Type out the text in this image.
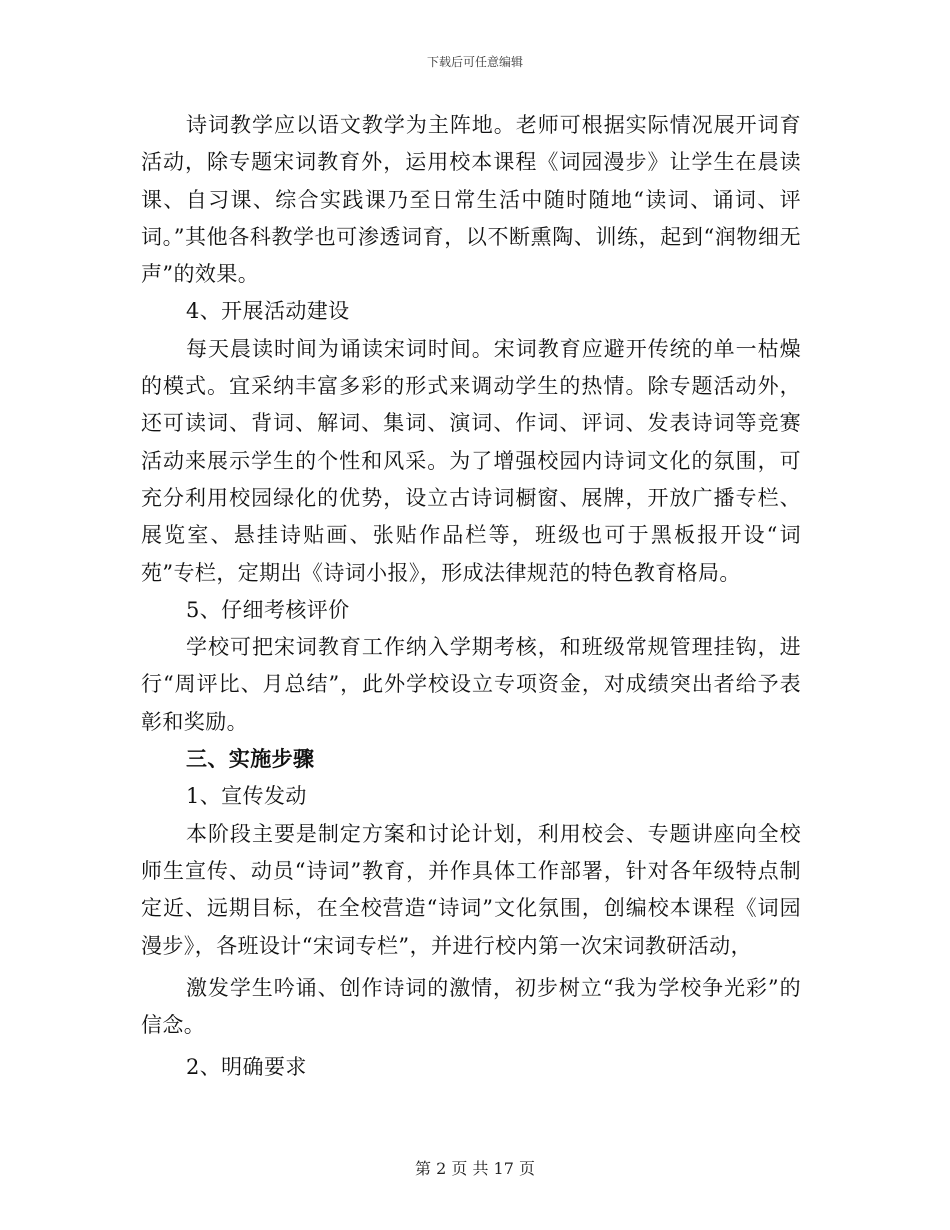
下载后可任意编辑

诗词教学应以语文教学为主阵地。老师可根据实际情况展开词育活动，除专题宋词教育外，运用校本课程《词园漫步》让学生在晨读课、自习课、综合实践课乃至日常生活中随时随地“读词、诵词、评词。”其他各科教学也可渗透词育，以不断熏陶、训练，起到“润物细无声”的效果。

4、开展活动建设

每天晨读时间为诵读宋词时间。宋词教育应避开传统的单一枯燥的模式。宜采纳丰富多彩的形式来调动学生的热情。除专题活动外，还可读词、背词、解词、集词、演词、作词、评词、发表诗词等竞赛活动来展示学生的个性和风采。为了增强校园内诗词文化的氛围，可充分利用校园绿化的优势，设立古诗词橱窗、展牌，开放广播专栏、展览室、悬挂诗贴画、张贴作品栏等，班级也可于黑板报开设“词苑”专栏，定期出《诗词小报》，形成法律规范的特色教育格局。

5、仔细考核评价

学校可把宋词教育工作纳入学期考核，和班级常规管理挂钩，进行“周评比、月总结”，此外学校设立专项资金，对成绩突出者给予表彰和奖励。

三、实施步骤

1、宣传发动

本阶段主要是制定方案和讨论计划，利用校会、专题讲座向全校师生宣传、动员“诗词”教育，并作具体工作部署，针对各年级特点制定近、远期目标，在全校营造“诗词”文化氛围，创编校本课程《词园漫步》，各班设计“宋词专栏”，并进行校内第一次宋词教研活动，

激发学生吟诵、创作诗词的激情，初步树立“我为学校争光彩”的信念。

2、明确要求

第 2 页 共 17 页
